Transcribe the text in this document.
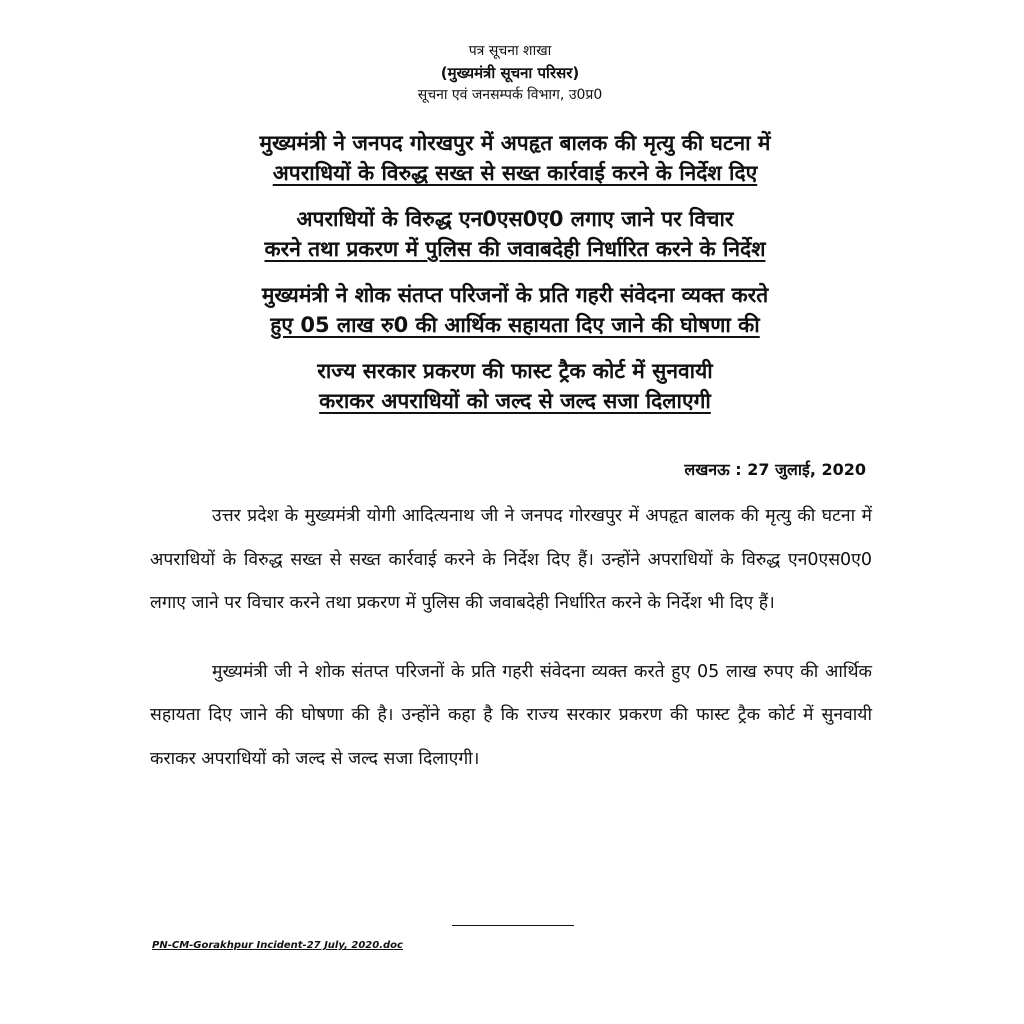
पत्र सूचना शाखा
(मुख्यमंत्री सूचना परिसर)
सूचना एवं जनसम्पर्क विभाग, उ0प्र0
मुख्यमंत्री ने जनपद गोरखपुर में अपहृत बालक की मृत्यु की घटना में
अपराधियों के विरुद्ध सख्त से सख्त कार्रवाई करने के निर्देश दिए
अपराधियों के विरुद्ध एन0एस0ए0 लगाए जाने पर विचार
करने तथा प्रकरण में पुलिस की जवाबदेही निर्धारित करने के निर्देश
मुख्यमंत्री ने शोक संतप्त परिजनों के प्रति गहरी संवेदना व्यक्त करते
हुए 05 लाख रु0 की आर्थिक सहायता दिए जाने की घोषणा की
राज्य सरकार प्रकरण की फास्ट ट्रैक कोर्ट में सुनवायी
कराकर अपराधियों को जल्द से जल्द सजा दिलाएगी
लखनऊ : 27 जुलाई, 2020

उत्तर प्रदेश के मुख्यमंत्री योगी आदित्यनाथ जी ने जनपद गोरखपुर में अपहृत बालक की मृत्यु की घटना में अपराधियों के विरुद्ध सख्त से सख्त कार्रवाई करने के निर्देश दिए हैं। उन्होंने अपराधियों के विरुद्ध एन0एस0ए0 लगाए जाने पर विचार करने तथा प्रकरण में पुलिस की जवाबदेही निर्धारित करने के निर्देश भी दिए हैं।

मुख्यमंत्री जी ने शोक संतप्त परिजनों के प्रति गहरी संवेदना व्यक्त करते हुए 05 लाख रुपए की आर्थिक सहायता दिए जाने की घोषणा की है। उन्होंने कहा है कि राज्य सरकार प्रकरण की फास्ट ट्रैक कोर्ट में सुनवायी कराकर अपराधियों को जल्द से जल्द सजा दिलाएगी।

PN-CM-Gorakhpur Incident-27 July, 2020.doc
